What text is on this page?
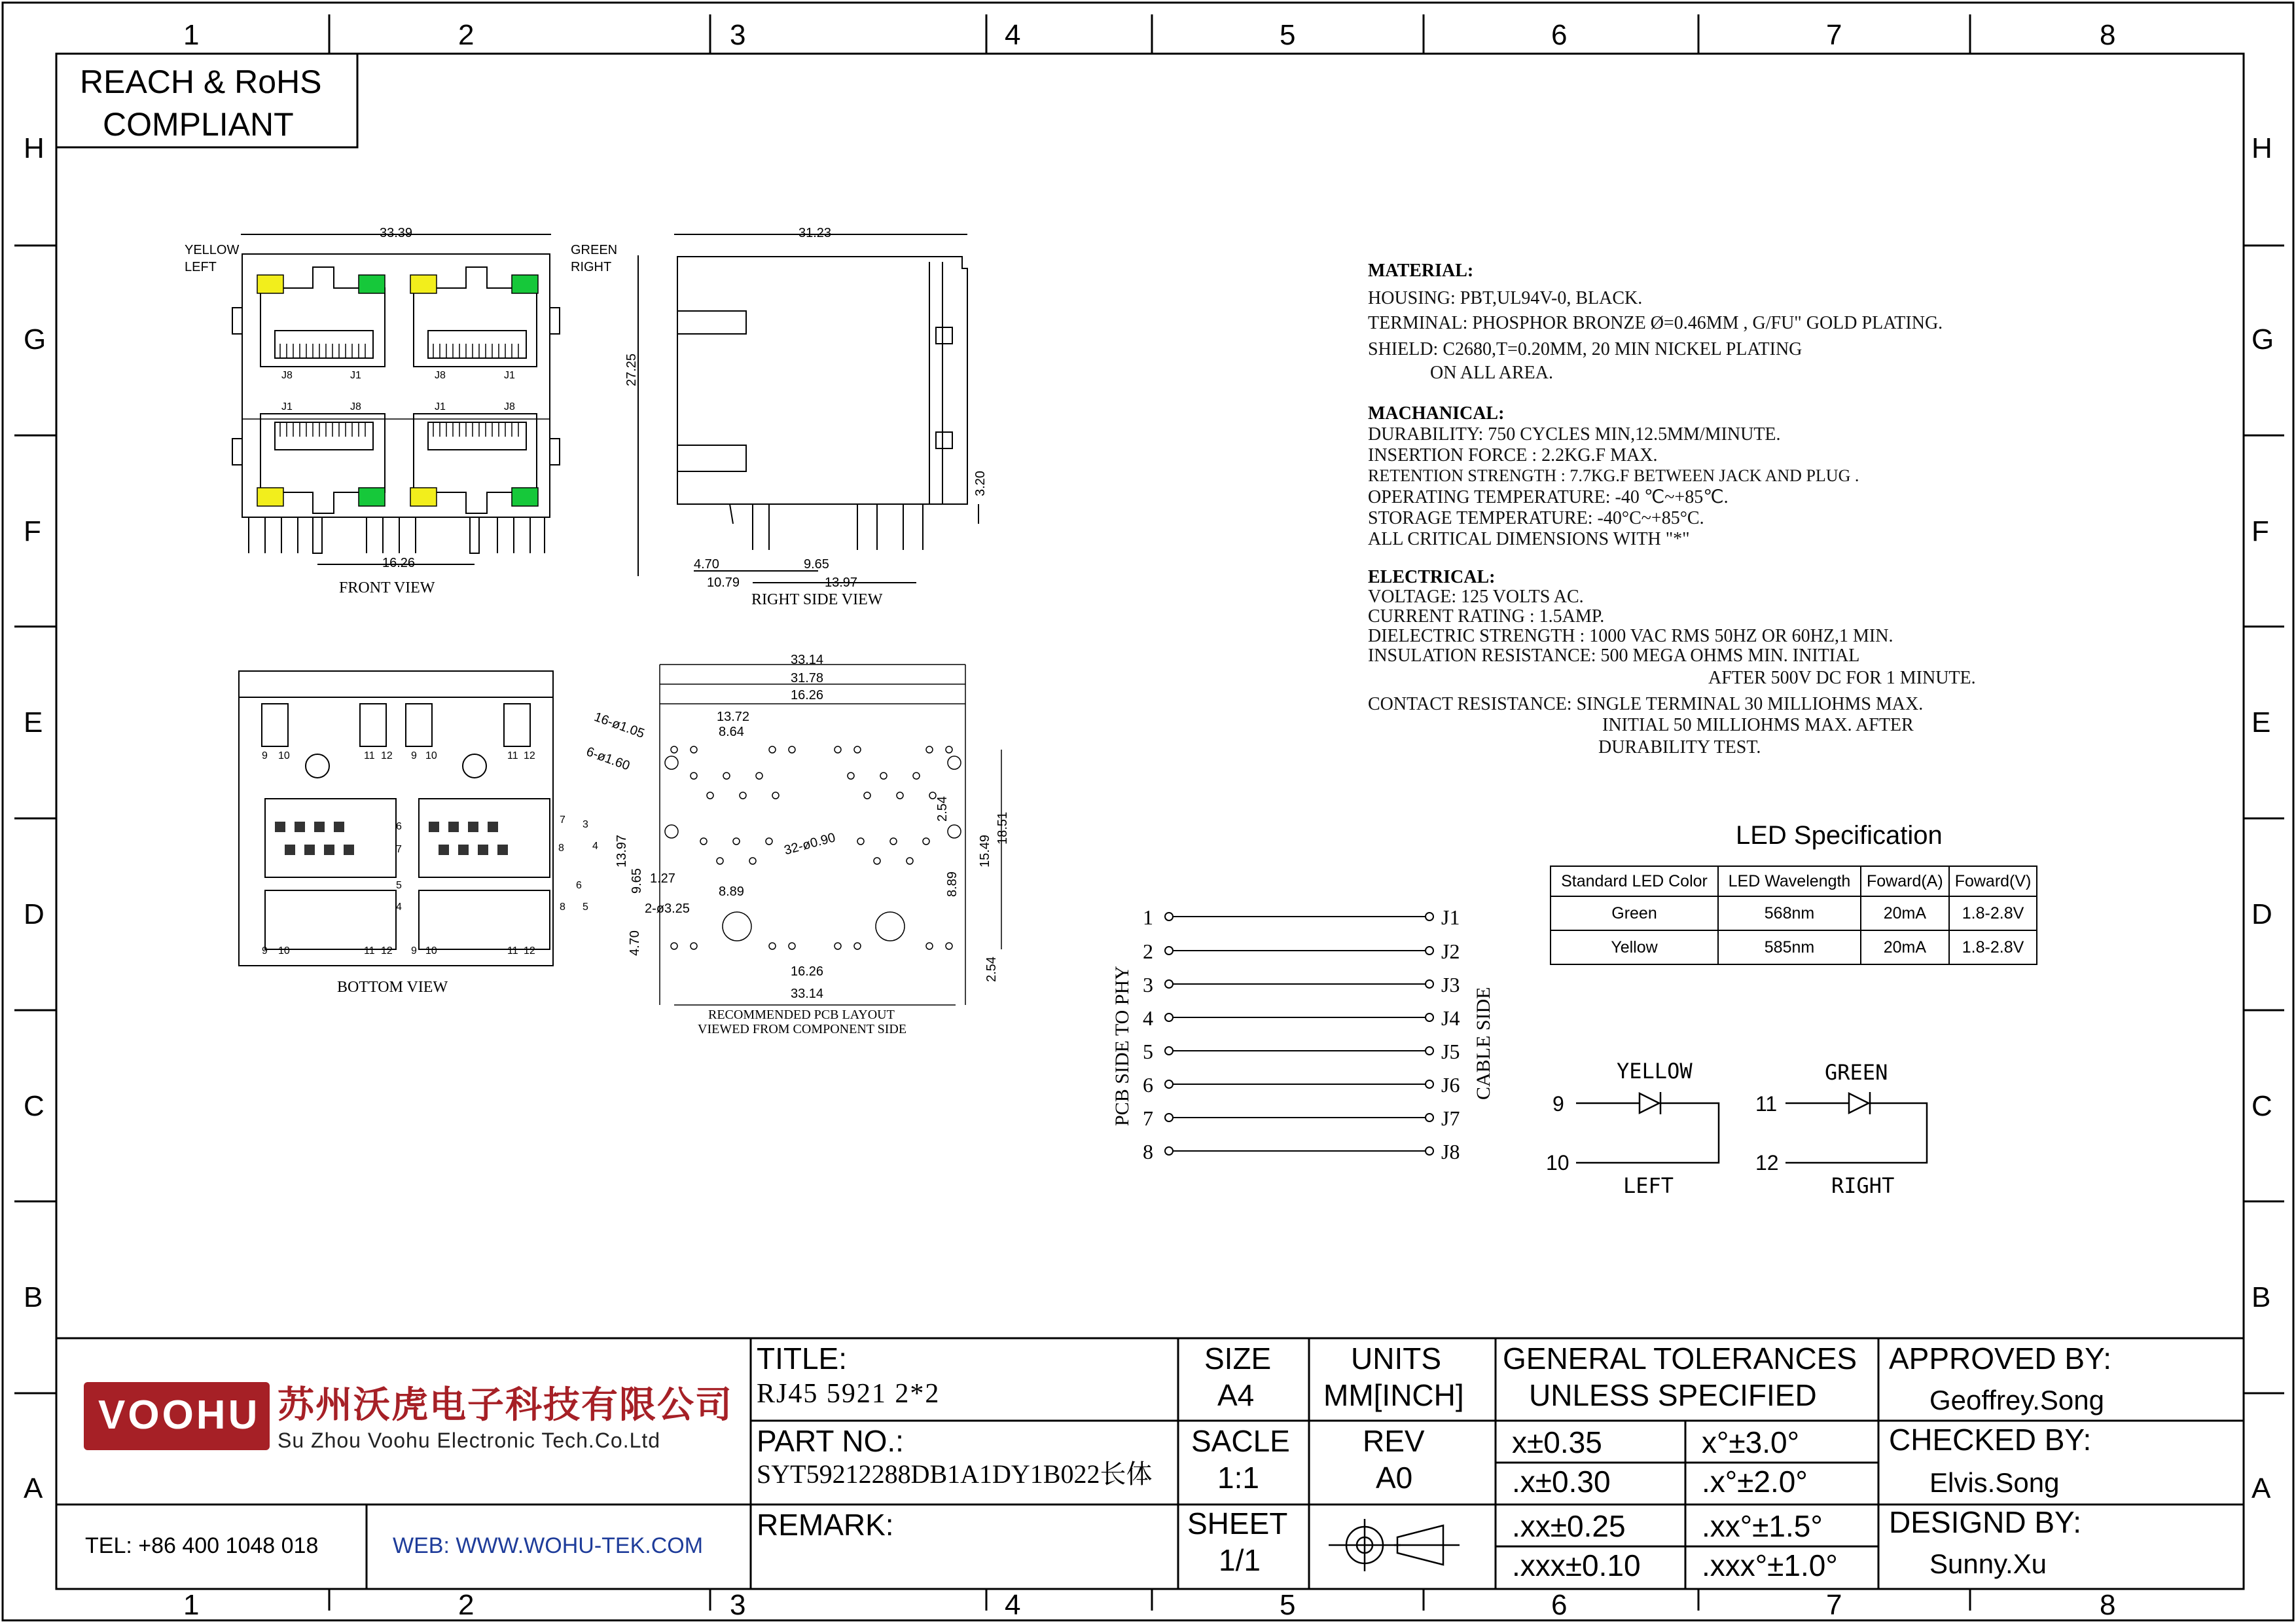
REACH & RoHS
COMPLIANT
1	2	3	4	5	6	7	8
1	2	3	4	5	6	7	8
H
G
F
E
D
C
B
A
H
G
F
E
D
C
B
A
33.39
YELLOW
LEFT
GREEN
RIGHT
J8	J1	J8	J1
J1	J8	J1	J8
16.26
FRONT VIEW
31.23
27.25
3.20
4.70	9.65
10.79	13.97
RIGHT SIDE VIEW
BOTTOM VIEW
9 10	11 12 9 10	11 12
9 10	11 12 9 10	11 12
3
4
6
5
6
7	8
5
4
7
8
33.14
31.78
16.26
13.72
8.64
16-ø1.05
6-ø1.60
13.97
9.65 1.27
8.89
2-ø3.25
32-ø0.90
2.54
8.89
15.49
18.51
4.70
2.54
16.26
33.14
RECOMMENDED PCB LAYOUT
VIEWED FROM COMPONENT SIDE
MATERIAL:
HOUSING: PBT,UL94V-0, BLACK.
TERMINAL: PHOSPHOR BRONZE Ø=0.46MM , G/FU" GOLD PLATING.
SHIELD: C2680,T=0.20MM, 20 MIN NICKEL PLATING
ON ALL AREA.
MACHANICAL:
DURABILITY: 750 CYCLES MIN,12.5MM/MINUTE.
INSERTION FORCE : 2.2KG.F MAX.
RETENTION STRENGTH : 7.7KG.F BETWEEN JACK AND PLUG .
OPERATING TEMPERATURE: -40 ℃~+85℃.
STORAGE TEMPERATURE: -40°C~+85°C.
ALL CRITICAL DIMENSIONS WITH "*"
ELECTRICAL:
VOLTAGE: 125 VOLTS AC.
CURRENT RATING : 1.5AMP.
DIELECTRIC STRENGTH : 1000 VAC RMS 50HZ OR 60HZ,1 MIN.
INSULATION RESISTANCE: 500 MEGA OHMS MIN. INITIAL
AFTER 500V DC FOR 1 MINUTE.
CONTACT RESISTANCE: SINGLE TERMINAL 30 MILLIOHMS MAX.
INITIAL 50 MILLIOHMS MAX. AFTER
DURABILITY TEST.
LED Specification
Standard LED Color	LED Wavelength	Foward(A)	Foward(V)
Green	568nm	20mA	1.8-2.8V
Yellow	585nm	20mA	1.8-2.8V
PCB SIDE TO PHY	CABLE SIDE
1
2
3
4
5
6
7
8
J1
J2
J3
J4
J5
J6
J7
J8
YELLOW
9
10
LEFT
GREEN
11
12
RIGHT
VOOHU 苏州沃虎电子科技有限公司
Su Zhou Voohu Electronic Tech.Co.Ltd
TEL: +86 400 1048 018	WEB: WWW.WOHU-TEK.COM
TITLE:
RJ45 5921 2*2
PART NO.:
SYT59212288DB1A1DY1B022长体
REMARK:
SIZE
A4
SACLE
1:1
SHEET
1/1
UNITS
MM[INCH]
REV
A0
GENERAL TOLERANCES
UNLESS SPECIFIED
x±0.35	x°±3.0°
.x±0.30	.x°±2.0°
.xx±0.25	.xx°±1.5°
.xxx±0.10 .xxx°±1.0°
APPROVED BY:
Geoffrey.Song
CHECKED BY:
Elvis.Song
DESIGND BY:
Sunny.Xu
